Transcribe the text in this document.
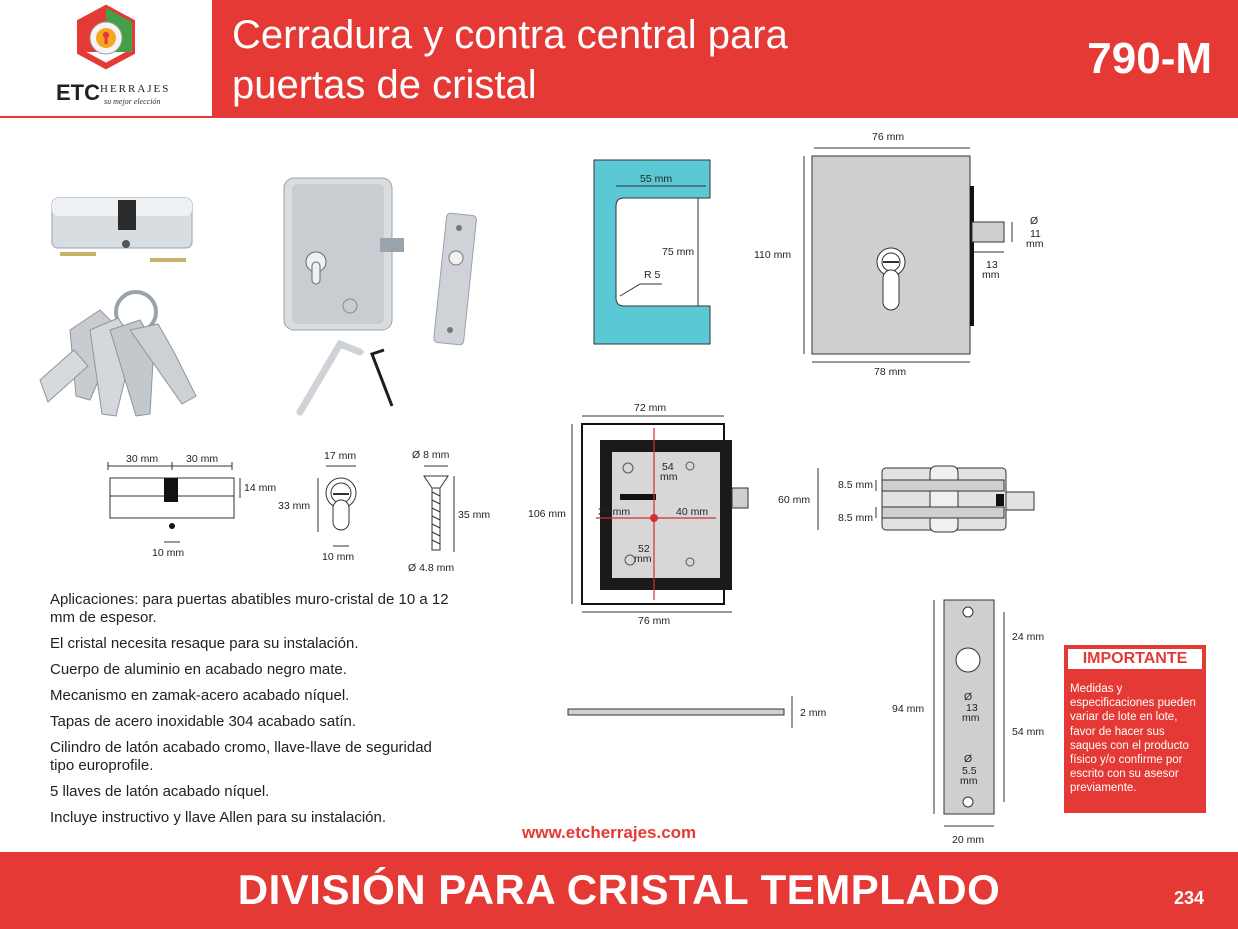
ETC HERRAJES
su mejor elección
Cerradura y contra central para
puertas de cristal
790-M
30 mm	30 mm
14 mm
10 mm
17 mm
33 mm
10 mm
Ø 8 mm
35 mm
Ø 4.8 mm
55 mm
75 mm
R 5
76 mm
110 mm
Ø
11
mm
13
mm
78 mm
72 mm
54
mm
36 mm	40 mm
52
mm
106 mm
76 mm
60 mm
8.5 mm
8.5 mm
2 mm	94 mm
24 mm
Ø
13
mm
54 mm
Ø
5.5
mm
20 mm

Aplicaciones: para puertas abatibles muro-cristal de 10 a 12 mm de espesor.

El cristal necesita resaque para su instalación.

Cuerpo de aluminio en acabado negro mate.

Mecanismo en zamak-acero acabado níquel.

Tapas de acero inoxidable 304 acabado satín.

Cilindro de latón acabado cromo, llave-llave de seguridad tipo europrofile.

5 llaves de latón acabado níquel.

Incluye instructivo y llave Allen para su instalación.

www.etcherrajes.com
IMPORTANTE
Medidas y especificaciones pueden variar de lote en lote, favor de hacer sus saques con el producto físico y/o confirme por escrito con su asesor previamente.
DIVISIÓN PARA CRISTAL TEMPLADO	234
